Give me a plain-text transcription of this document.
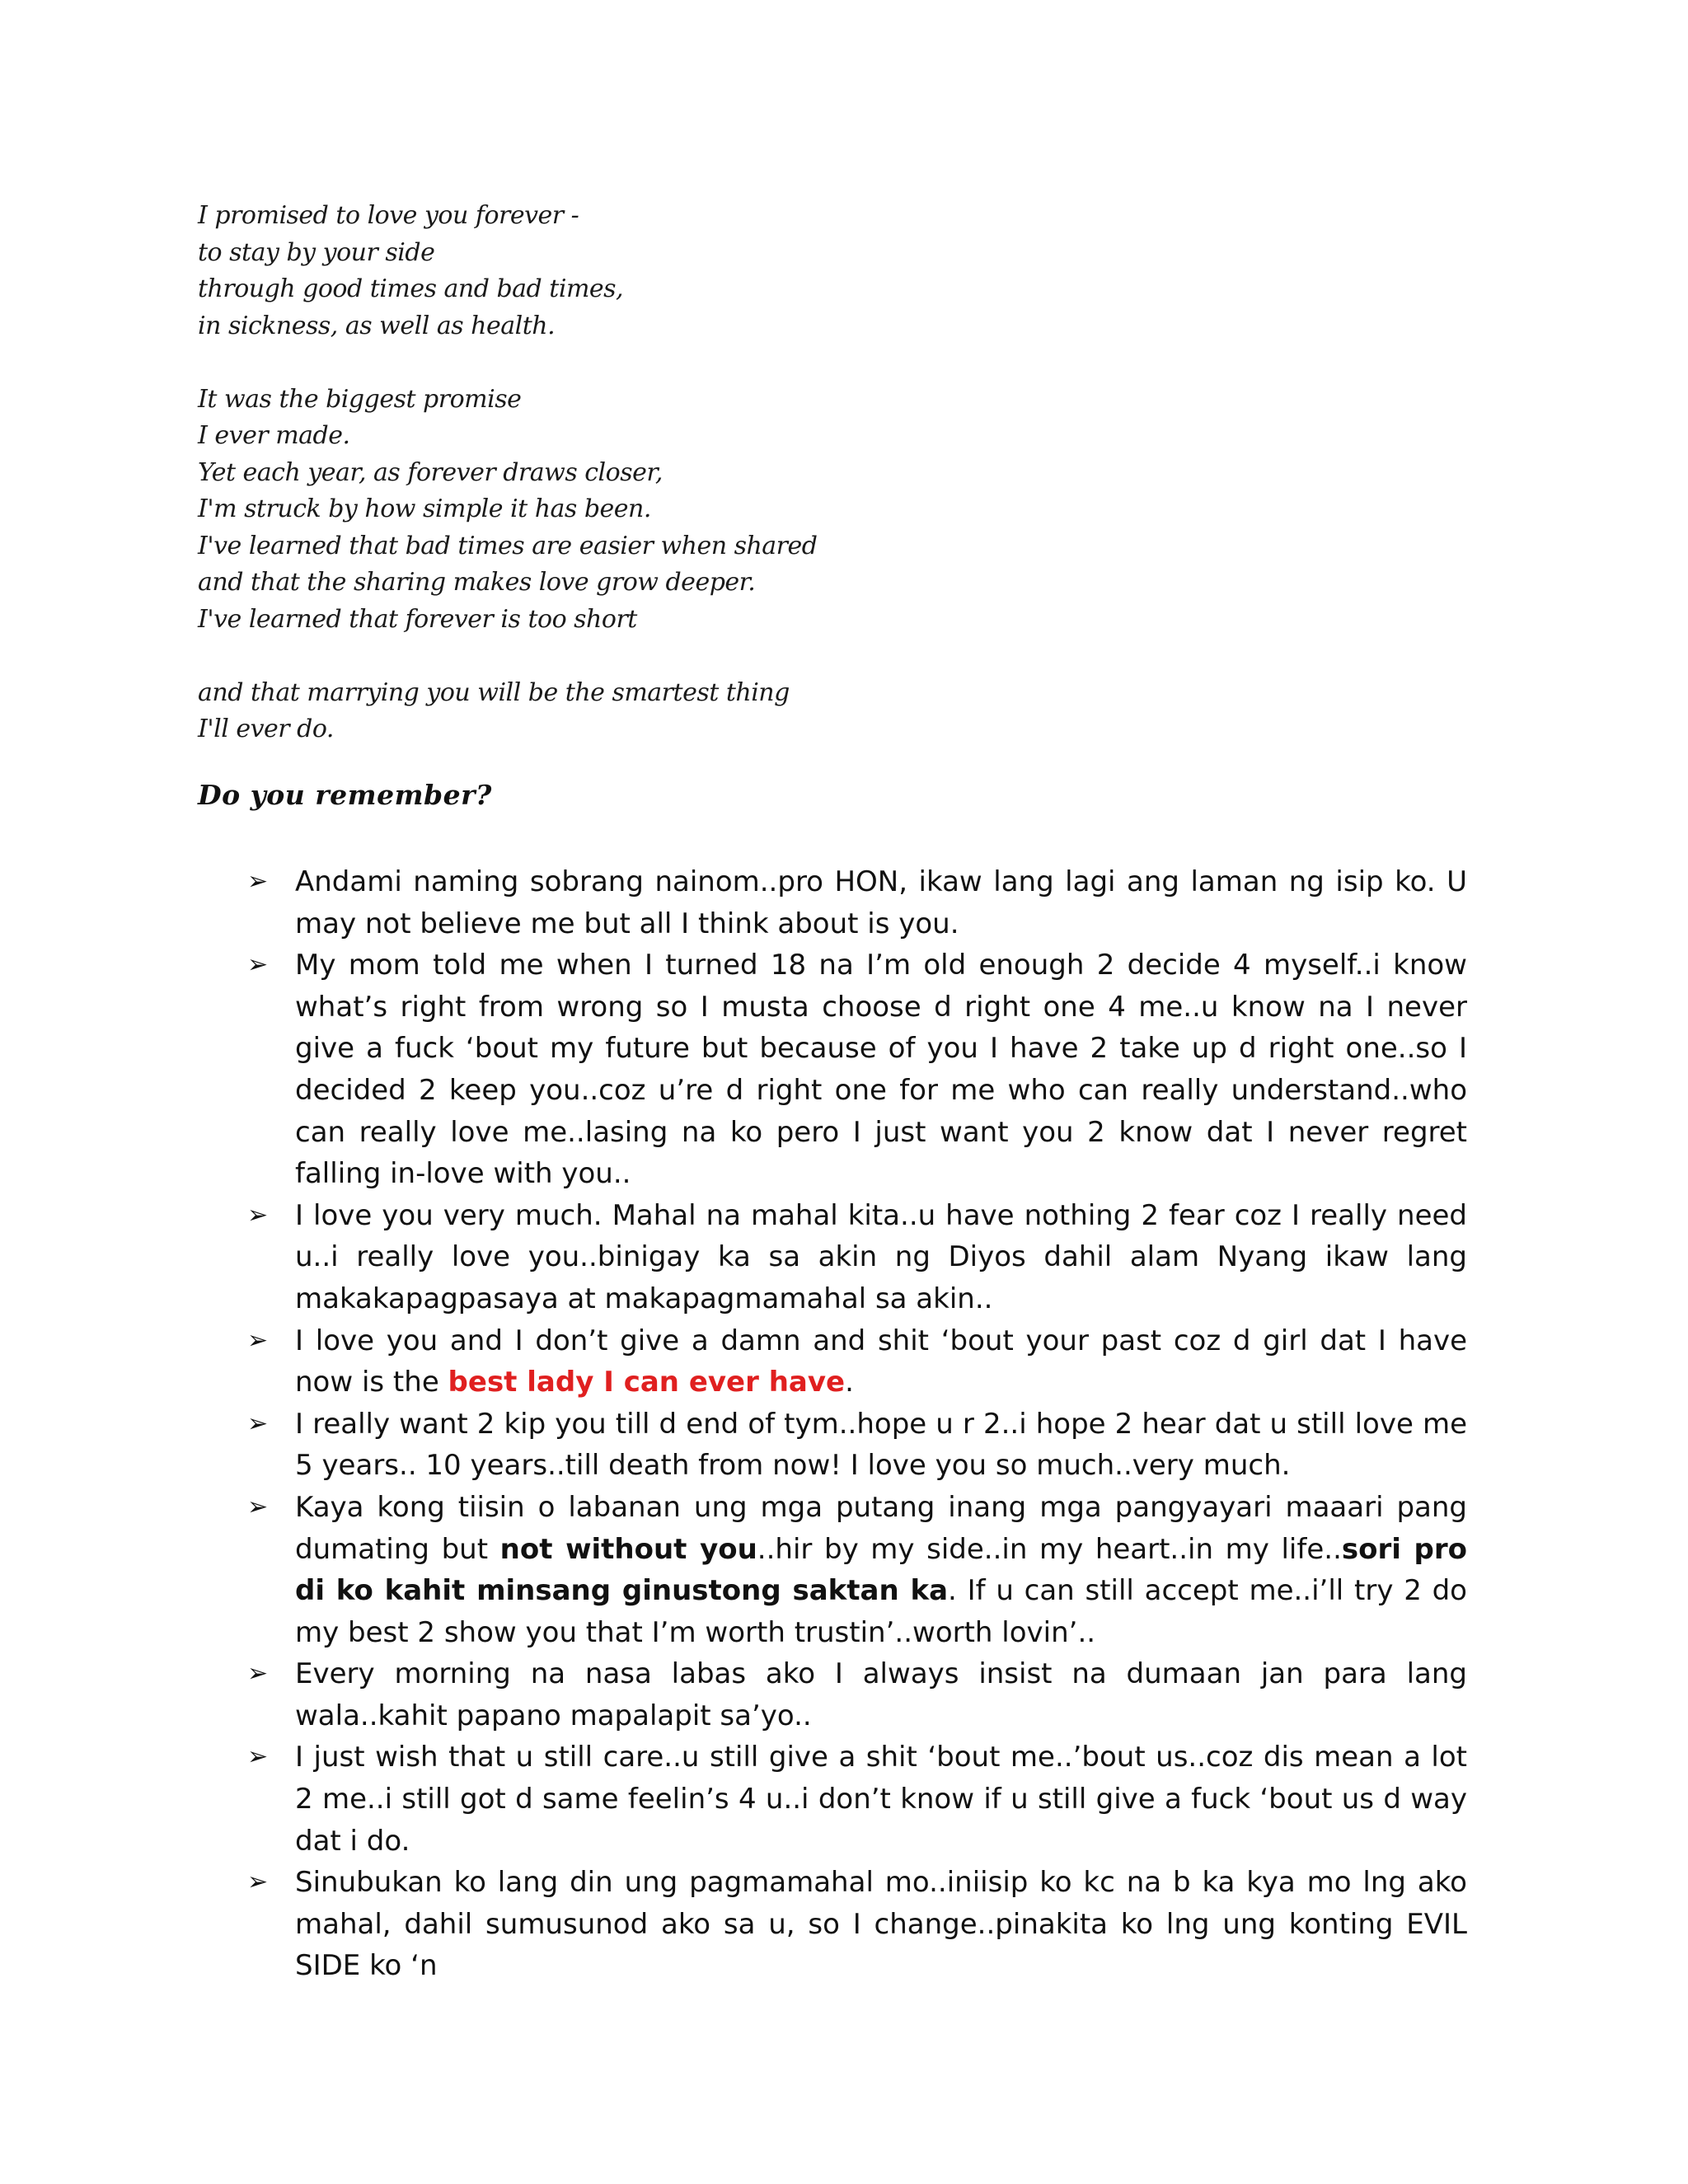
I promised to love you forever -
to stay by your side
through good times and bad times,
in sickness, as well as health.
It was the biggest promise
I ever made.
Yet each year, as forever draws closer,
I'm struck by how simple it has been.
I've learned that bad times are easier when shared
and that the sharing makes love grow deeper.
I've learned that forever is too short
and that marrying you will be the smartest thing
I'll ever do.
Do you remember?
➢ Andami naming sobrang nainom..pro HON, ikaw lang lagi ang laman ng isip ko. U may not believe me but all I think about is you.
➢ My mom told me when I turned 18 na I’m old enough 2 decide 4 myself..i know what’s right from wrong so I musta choose d right one 4 me..u know na I never give a fuck ‘bout my future but because of you I have 2 take up d right one..so I decided 2 keep you..coz u’re d right one for me who can really understand..who can really love me..lasing na ko pero I just want you 2 know dat I never regret falling in-love with you..
➢ I love you very much. Mahal na mahal kita..u have nothing 2 fear coz I really need u..i really love you..binigay ka sa akin ng Diyos dahil alam Nyang ikaw lang makakapagpasaya at makapagmamahal sa akin..
➢ I love you and I don’t give a damn and shit ‘bout your past coz d girl dat I have now is the best lady I can ever have.
➢ I really want 2 kip you till d end of tym..hope u r 2..i hope 2 hear dat u still love me 5 years.. 10 years..till death from now! I love you so much..very much.
➢ Kaya kong tiisin o labanan ung mga putang inang mga pangyayari maaari pang dumating but not without you..hir by my side..in my heart..in my life..sori pro di ko kahit minsang ginustong saktan ka. If u can still accept me..i’ll try 2 do my best 2 show you that I’m worth trustin’..worth lovin’..
➢ Every morning na nasa labas ako I always insist na dumaan jan para lang wala..kahit papano mapalapit sa’yo..
➢ I just wish that u still care..u still give a shit ‘bout me..’bout us..coz dis mean a lot 2 me..i still got d same feelin’s 4 u..i don’t know if u still give a fuck ‘bout us d way dat i do.
➢ Sinubukan ko lang din ung pagmamahal mo..iniisip ko kc na b ka kya mo lng ako mahal, dahil sumusunod ako sa u, so I change..pinakita ko lng ung konting EVIL SIDE ko ‘n
